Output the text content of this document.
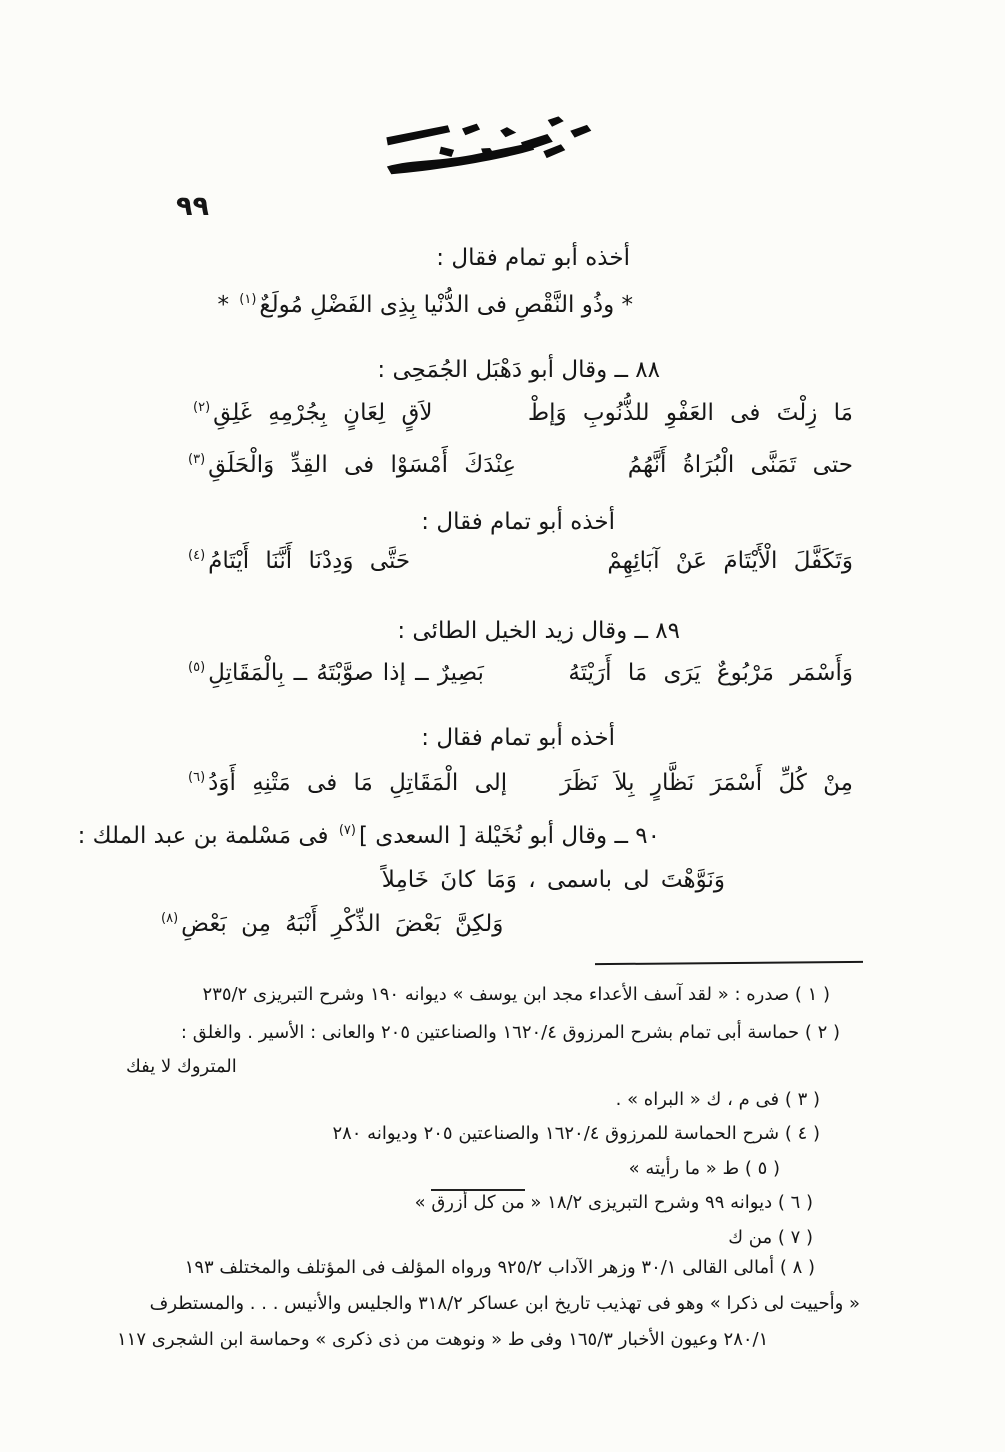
٩٩
أخذه أبو تمام فقال :
* وذُو النَّقْصِ فى الدُّنْيا بِذِى الفَضْلِ مُولَعٌ$^{(١)}$ *
٨٨ ــ وقال أبو دَهْبَل الجُمَحِى :
مَا زِلْتَ فى العَفْوِ للذُّنُوبِ وَإطْ
لاَقٍ لِعَانٍ بِجُرْمِهِ غَلِقِ$^{(٢)}$
حتى تَمَنَّى الْبُرَاةُ أَنَّهُمُ
عِنْدَكَ أَمْسَوْا فى القِدِّ وَالْحَلَقِ$^{(٣)}$
أخذه أبو تمام فقال :
وَتَكَفَّلَ الْأَيْتَامَ عَنْ آبَائِهِمْ
حَتَّى وَدِدْنَا أَنَّنَا أَيْتَامُ$^{(٤)}$
٨٩ ــ وقال زيد الخيل الطائى :
وَأَسْمَر مَرْبُوعٌ يَرَى مَا أَرَيْتَهُ
بَصِيرٌ ــ إذا صوَّبْتَهُ ــ بِالْمَقَاتِلِ$^{(٥)}$
أخذه أبو تمام فقال :
مِنْ كُلِّ أَسْمَرَ نَظَّارٍ بِلاَ نَظَرَ
إلى الْمَقَاتِلِ مَا فى مَتْنِهِ أَوَدُ$^{(٦)}$
٩٠ ــ وقال أبو نُخَيْلة [ السعدى ]$^{(٧)}$ فى مَسْلمة بن عبد الملك :
وَنَوَّهْتَ لى باسمى ، وَمَا كانَ خَامِلاً
وَلكِنَّ بَعْضَ الذِّكْرِ أَنْبَهُ مِن بَعْضِ$^{(٨)}$
( ١ ) صدره : « لقد آسف الأعداء مجد ابن يوسف » ديوانه ١٩٠ وشرح التبريزى ٢٣٥/٢
( ٢ ) حماسة أبى تمام بشرح المرزوق ١٦٢٠/٤ والصناعتين ٢٠٥ والعانى : الأسير . والغلق :
المتروك لا يفك
( ٣ ) فى م ، ك « البراه » .
( ٤ ) شرح الحماسة للمرزوق ١٦٢٠/٤ والصناعتين ٢٠٥ وديوانه ٢٨٠
( ٥ ) ط « ما رأيته »
( ٦ ) ديوانه ٩٩ وشرح التبريزى ١٨/٢ « من كل أزرق »
( ٧ ) من ك
( ٨ ) أمالى القالى ٣٠/١ وزهر الآداب ٩٢٥/٢ ورواه المؤلف فى المؤتلف والمختلف ١٩٣
« وأحييت لى ذكرا » وهو فى تهذيب تاريخ ابن عساكر ٣١٨/٢ والجليس والأنيس . . . والمستطرف
٢٨٠/١ وعيون الأخبار ١٦٥/٣ وفى ط « ونوهت من ذى ذكرى » وحماسة ابن الشجرى ١١٧
